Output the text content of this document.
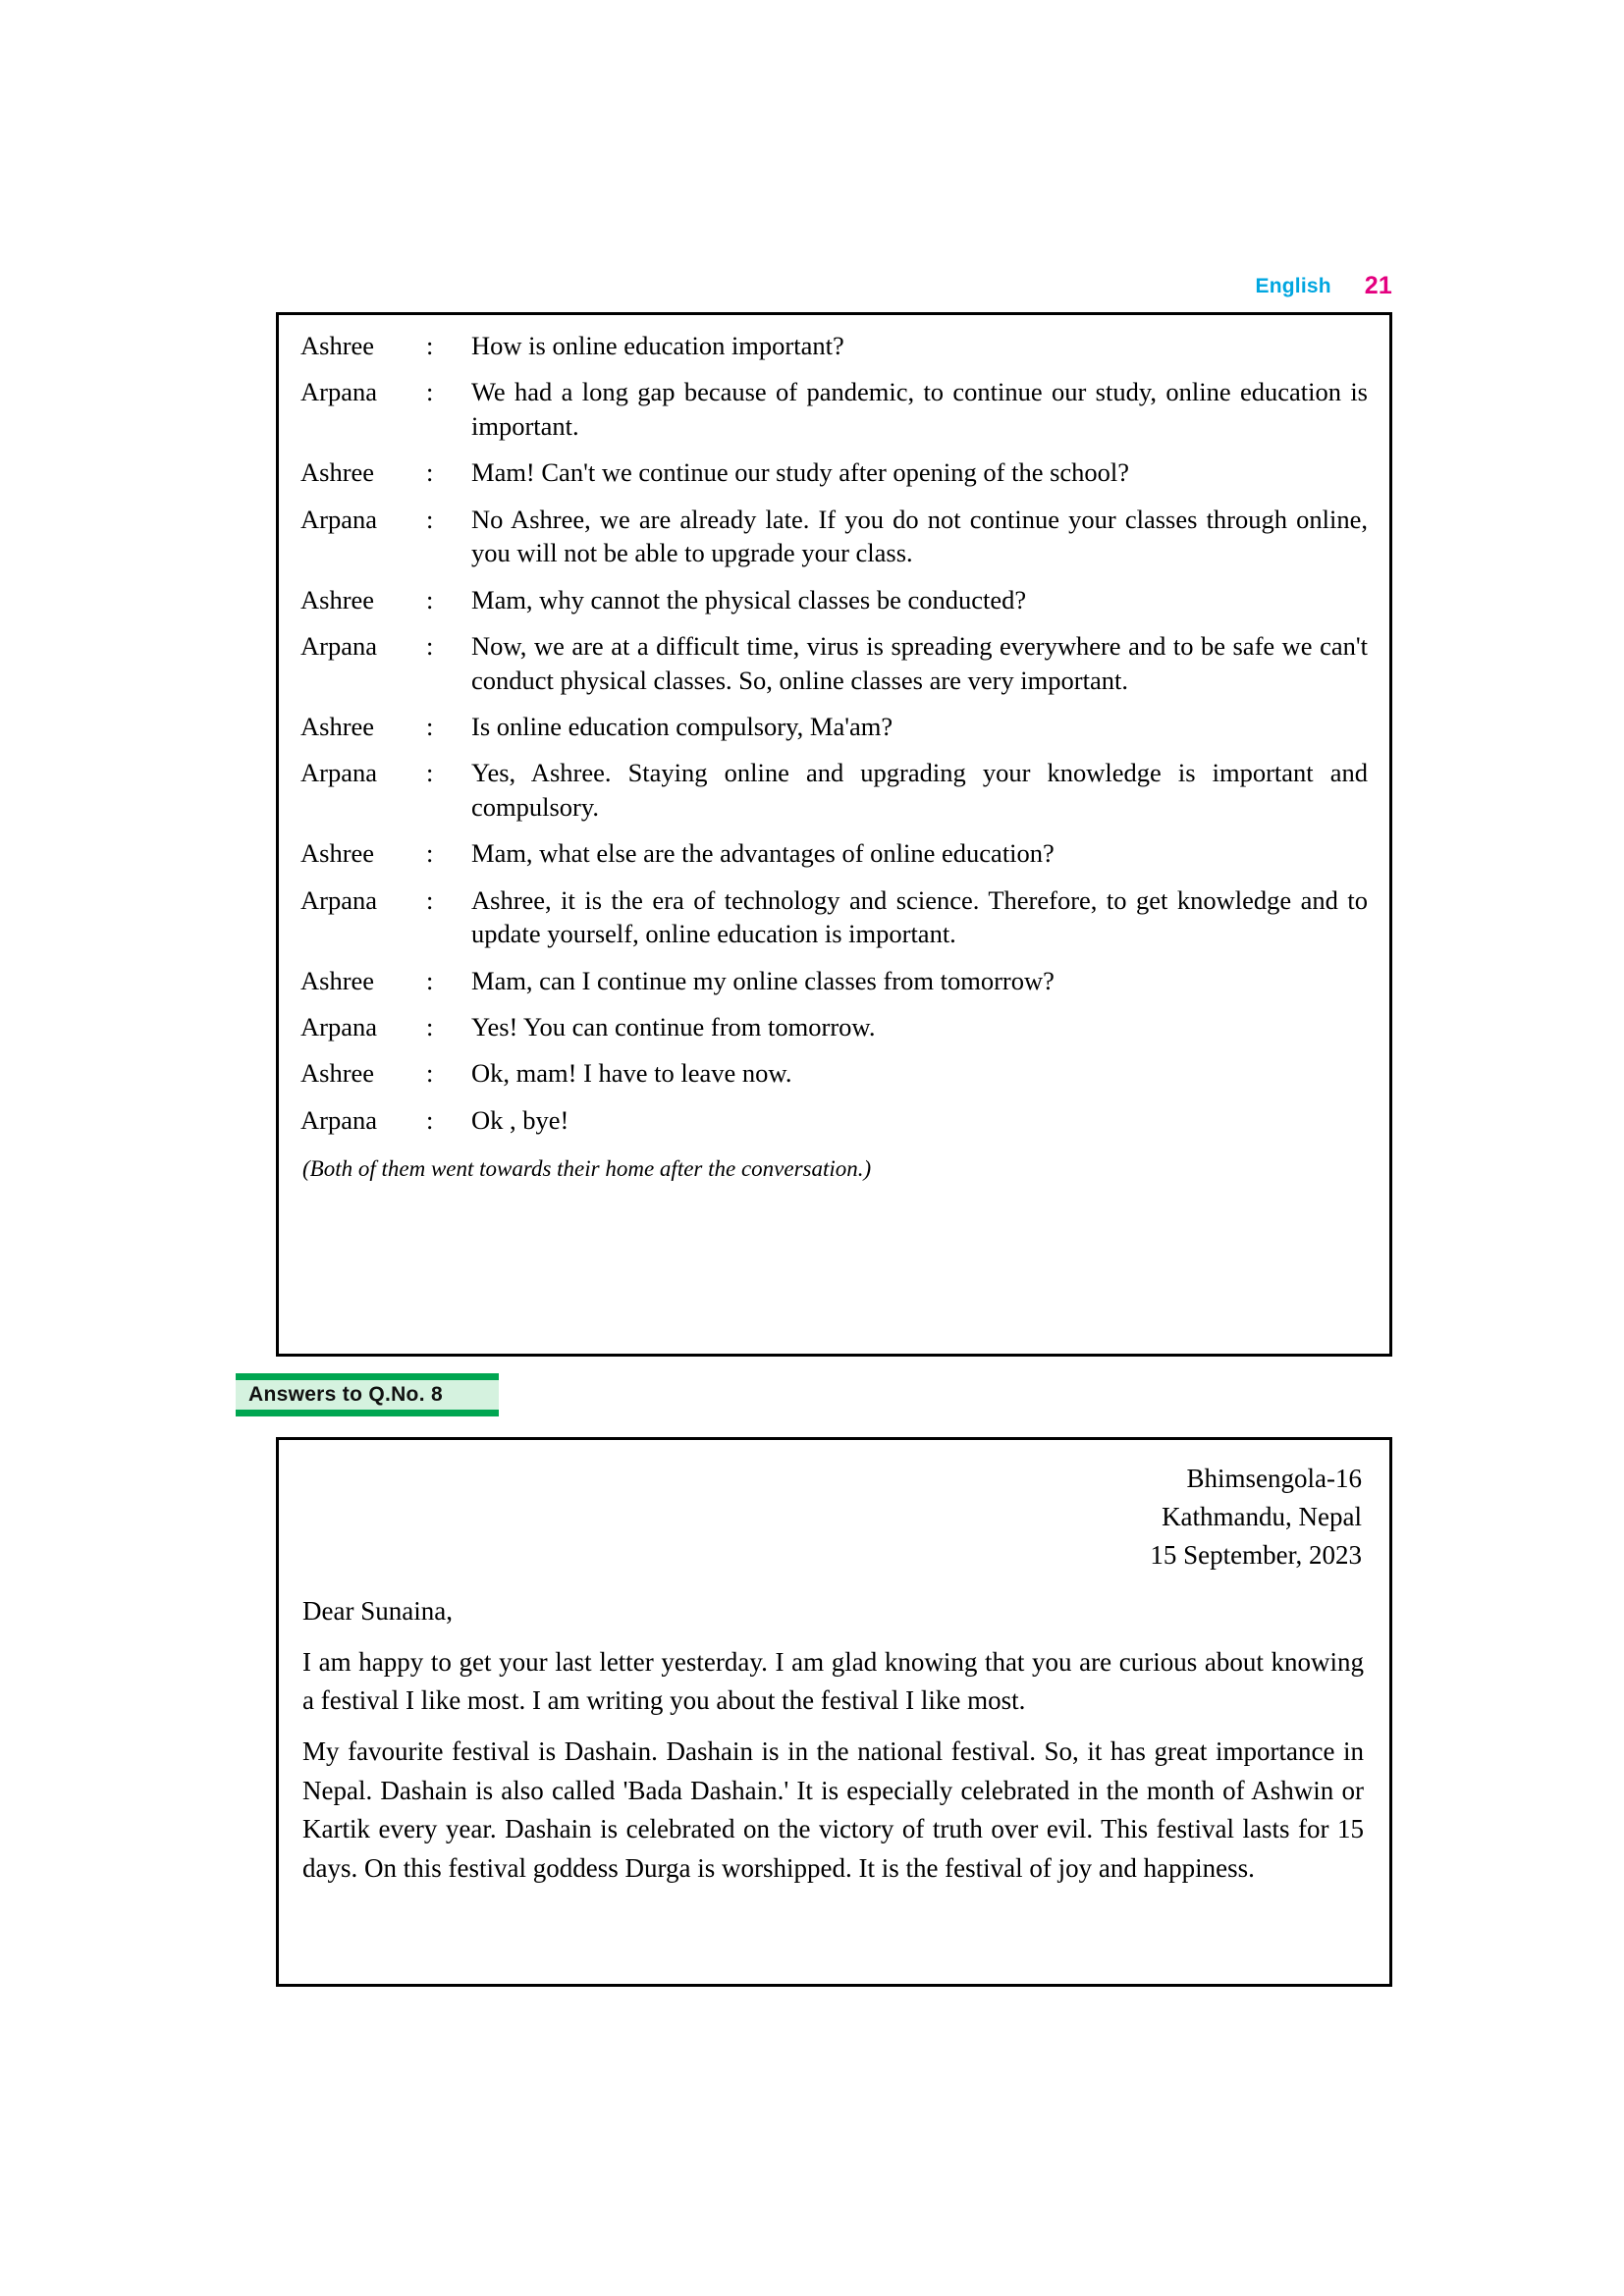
English 21
Ashree	:	How is online education important?
Arpana	:	We had a long gap because of pandemic, to continue our study, online education is important.
Ashree	:	Mam! Can't we continue our study after opening of the school?
Arpana	:	No Ashree, we are already late. If you do not continue your classes through online, you will not be able to upgrade your class.
Ashree	:	Mam, why cannot the physical classes be conducted?
Arpana	:	Now, we are at a difficult time, virus is spreading everywhere and to be safe we can't conduct physical classes. So, online classes are very important.
Ashree	:	Is online education compulsory, Ma'am?
Arpana	:	Yes, Ashree. Staying online and upgrading your knowledge is important and compulsory.
Ashree	:	Mam, what else are the advantages of online education?
Arpana	:	Ashree, it is the era of technology and science. Therefore, to get knowledge and to update yourself, online education is important.
Ashree	:	Mam, can I continue my online classes from tomorrow?
Arpana	:	Yes! You can continue from tomorrow.
Ashree	:	Ok, mam! I have to leave now.
Arpana	:	Ok , bye!
(Both of them went towards their home after the conversation.)
Answers to Q.No. 8
Bhimsengola-16
Kathmandu, Nepal
15 September, 2023
Dear Sunaina,
I am happy to get your last letter yesterday. I am glad knowing that you are curious about knowing a festival I like most. I am writing you about the festival I like most.
My favourite festival is Dashain. Dashain is in the national festival. So, it has great importance in Nepal. Dashain is also called 'Bada Dashain.' It is especially celebrated in the month of Ashwin or Kartik every year. Dashain is celebrated on the victory of truth over evil. This festival lasts for 15 days. On this festival goddess Durga is worshipped. It is the festival of joy and happiness.
